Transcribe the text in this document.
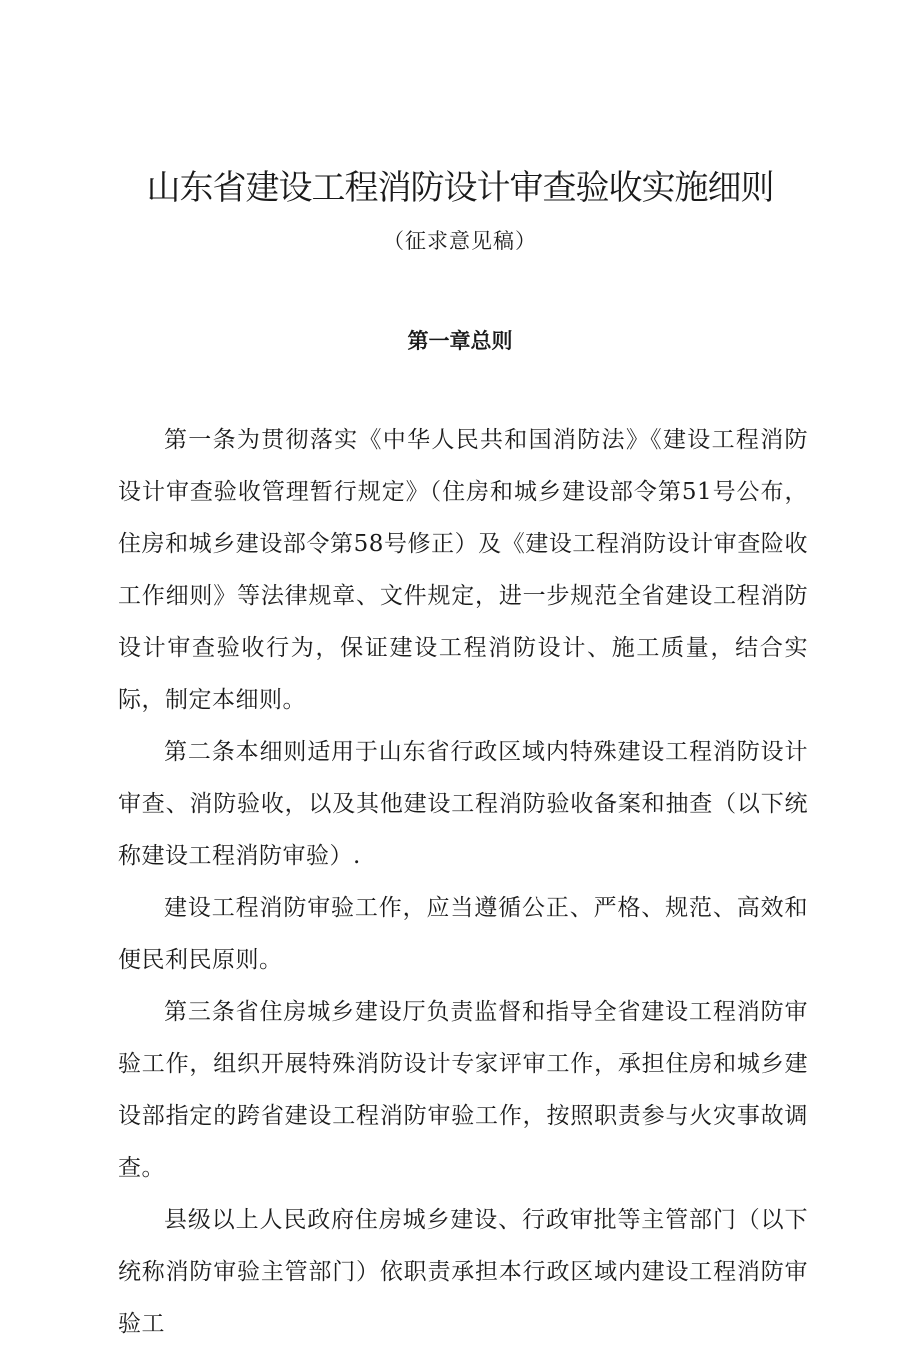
山东省建设工程消防设计审查验收实施细则
（征求意见稿）
第一章总则

第一条为贯彻落实《中华人民共和国消防法》《建设工程消防设计审查验收管理暂行规定》（住房和城乡建设部令第51号公布，住房和城乡建设部令第58号修正）及《建设工程消防设计审查险收工作细则》等法律规章、文件规定，进一步规范全省建设工程消防设计审查验收行为，保证建设工程消防设计、施工质量，结合实际，制定本细则。

第二条本细则适用于山东省行政区域内特殊建设工程消防设计审查、消防验收，以及其他建设工程消防验收备案和抽查（以下统称建设工程消防审验）.

建设工程消防审验工作，应当遵循公正、严格、规范、高效和便民利民原则。

第三条省住房城乡建设厅负责监督和指导全省建设工程消防审验工作，组织开展特殊消防设计专家评审工作，承担住房和城乡建设部指定的跨省建设工程消防审验工作，按照职责参与火灾事故调查。

县级以上人民政府住房城乡建设、行政审批等主管部门（以下统称消防审验主管部门）依职责承担本行政区域内建设工程消防审验工
